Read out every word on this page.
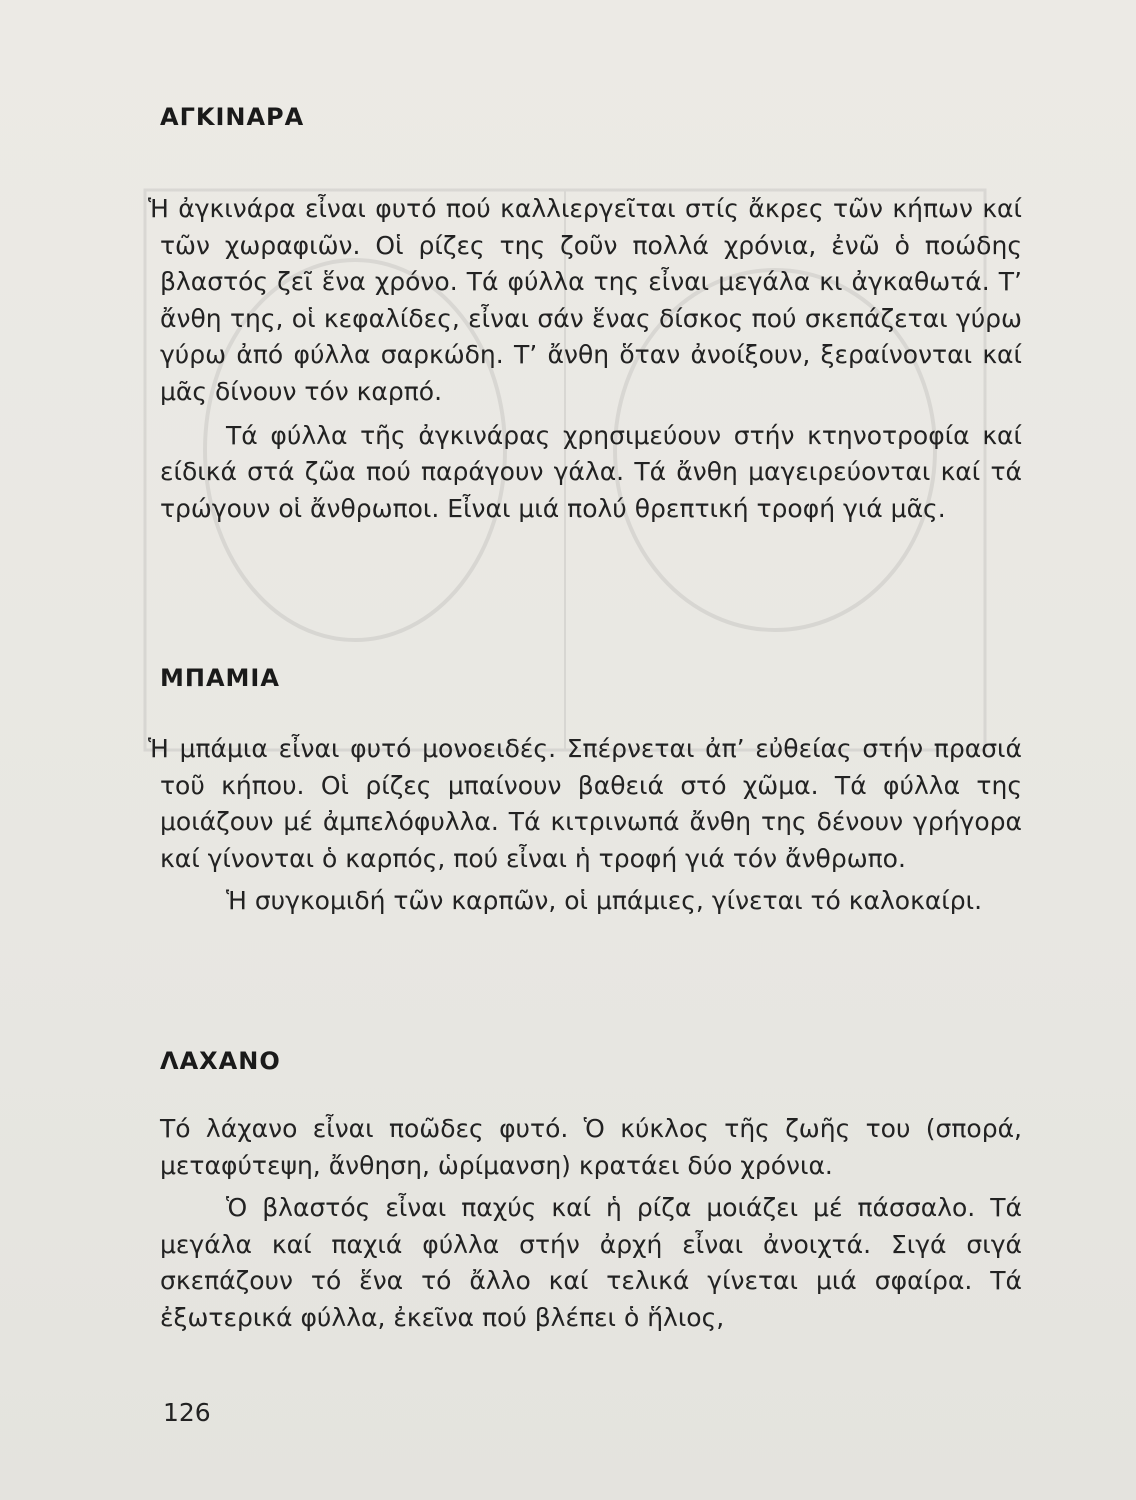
ΑΓΚΙΝΑΡΑ

Ἡ ἀγκινάρα εἶναι φυτό πού καλλιεργεῖται στίς ἄκρες τῶν κήπων καί τῶν χωραφιῶν. Οἱ ρίζες της ζοῦν πολλά χρόνια, ἐνῶ ὁ ποώδης βλαστός ζεῖ ἕνα χρόνο. Τά φύλλα της εἶναι μεγάλα κι ἀγκαθωτά. Τ’ ἄνθη της, οἱ κεφαλίδες, εἶναι σάν ἕνας δίσκος πού σκεπάζεται γύρω γύρω ἀπό φύλλα σαρκώδη. Τ’ ἄνθη ὅταν ἀνοίξουν, ξεραίνονται καί μᾶς δίνουν τόν καρπό.

Τά φύλλα τῆς ἀγκινάρας χρησιμεύουν στήν κτηνοτροφία καί είδικά στά ζῶα πού παράγουν γάλα. Τά ἄνθη μαγειρεύονται καί τά τρώγουν οἱ ἄνθρωποι. Εἶναι μιά πολύ θρεπτική τροφή γιά μᾶς.

ΜΠΑΜΙΑ

Ἡ μπάμια εἶναι φυτό μονοειδές. Σπέρνεται ἀπ’ εὐθείας στήν πρασιά τοῦ κήπου. Οἱ ρίζες μπαίνουν βαθειά στό χῶμα. Τά φύλλα της μοιάζουν μέ ἀμπελόφυλλα. Τά κιτρινωπά ἄνθη της δένουν γρήγορα καί γίνονται ὁ καρπός, πού εἶναι ἡ τροφή γιά τόν ἄνθρωπο.

Ἡ συγκομιδή τῶν καρπῶν, οἱ μπάμιες, γίνεται τό καλοκαίρι.

ΛΑΧΑΝΟ

Τό λάχανο εἶναι ποῶδες φυτό. Ὁ κύκλος τῆς ζωῆς του (σπορά, μεταφύτεψη, ἄνθηση, ὡρίμανση) κρατάει δύο χρόνια.

Ὁ βλαστός εἶναι παχύς καί ἡ ρίζα μοιάζει μέ πάσσαλο. Τά μεγάλα καί παχιά φύλλα στήν ἀρχή εἶναι ἀνοιχτά. Σιγά σιγά σκεπάζουν τό ἕνα τό ἄλλο καί τελικά γίνεται μιά σφαίρα. Τά ἐξωτερικά φύλλα, ἐκεῖνα πού βλέπει ὁ ἥλιος,

126
